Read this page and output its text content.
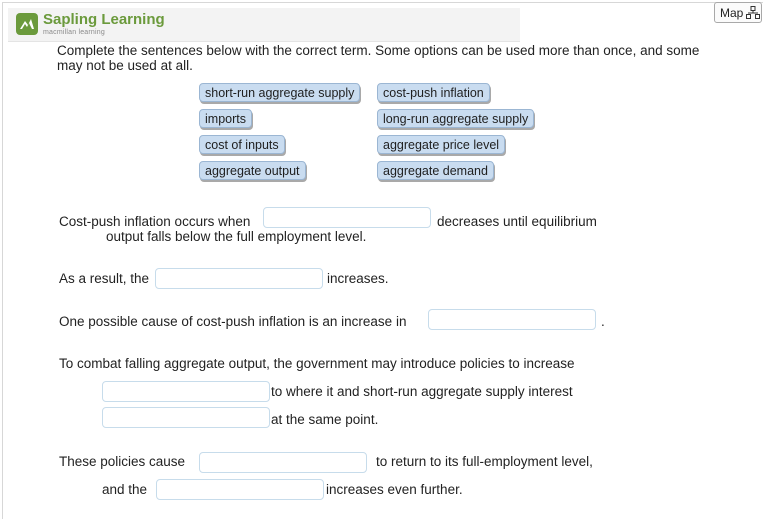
Sapling Learning
macmillan learning
Map
Complete the sentences below with the correct term. Some options can be used more than once, and some may not be used at all.
short-run aggregate supply	cost-push inflation
imports	long-run aggregate supply
cost of inputs	aggregate price level
aggregate output	aggregate demand
Cost-push inflation occurs when	decreases until equilibrium
output falls below the full employment level.
As a result, the	increases.
One possible cause of cost-push inflation is an increase in	.
To combat falling aggregate output, the government may introduce policies to increase
to where it and short-run aggregate supply interest
at the same point.
These policies cause	to return to its full-employment level,
and the	increases even further.
